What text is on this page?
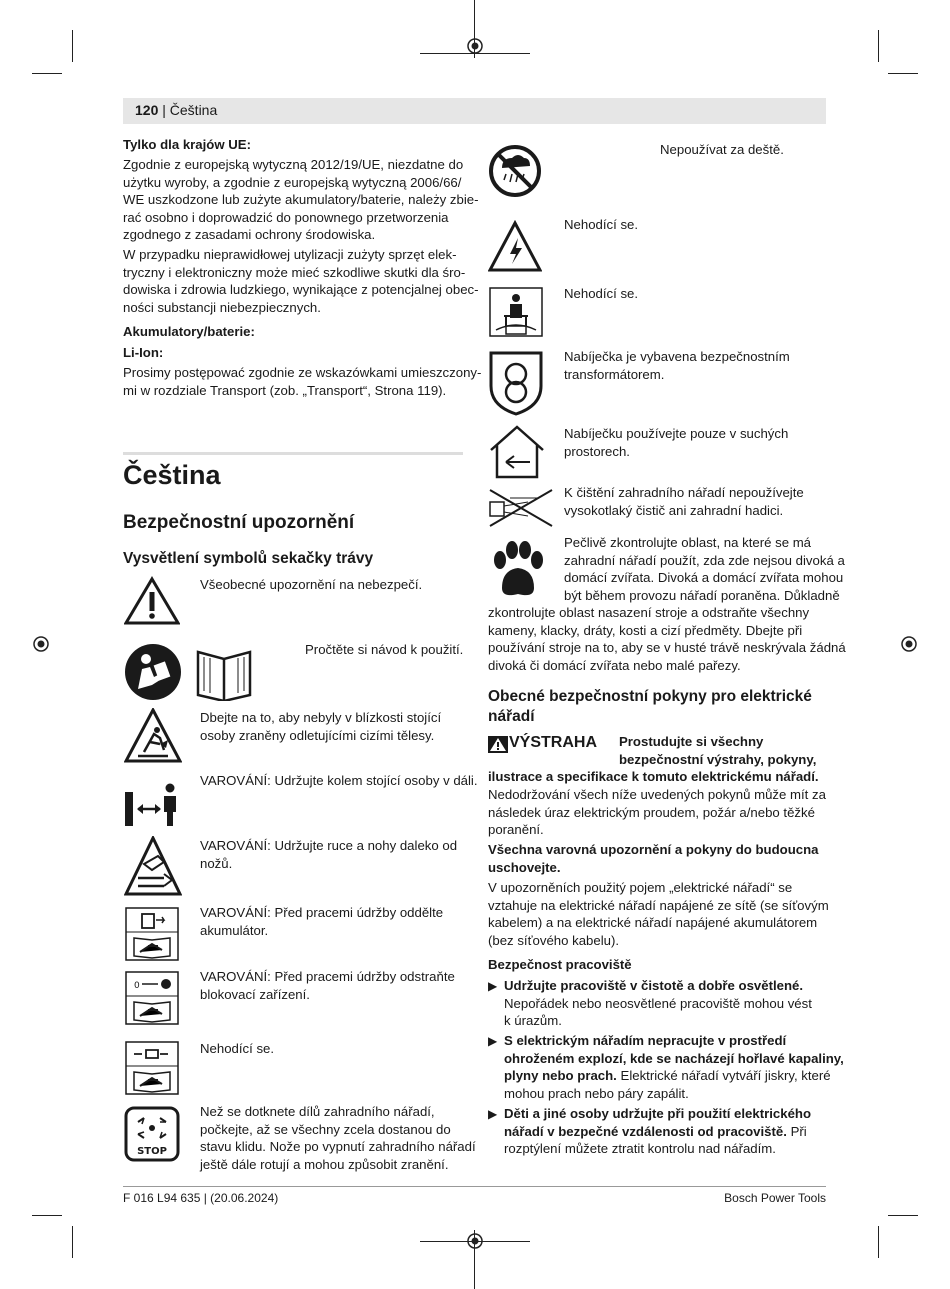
120 | Čeština
Tylko dla krajów UE:

Zgodnie z europejską wytyczną 2012/19/UE, niezdatne do

użytku wyroby, a zgodnie z europejską wytyczną 2006/66/

WE uszkodzone lub zużyte akumulatory/baterie, należy zbie-

rać osobno i doprowadzić do ponownego przetworzenia

zgodnego z zasadami ochrony środowiska.

W przypadku nieprawidłowej utylizacji zużyty sprzęt elek-

tryczny i elektroniczny może mieć szkodliwe skutki dla śro-

dowiska i zdrowia ludzkiego, wynikające z potencjalnej obec-

ności substancji niebezpiecznych.

Akumulatory/baterie:
Li-Ion:

Prosimy postępować zgodnie ze wskazówkami umieszczony-

mi w rozdziale Transport (zob. „Transport“, Strona 119).

Čeština
Bezpečnostní upozornění
Vysvětlení symbolů sekačky trávy
Všeobecné upozornění na nebezpečí.
Pročtěte si návod k použití.
Dbejte na to, aby nebyly v blízkosti stojící
osoby zraněny odletujícími cizími tělesy.
VAROVÁNÍ: Udržujte kolem stojící osoby v dáli.
VAROVÁNÍ: Udržujte ruce a nohy daleko od
nožů.
VAROVÁNÍ: Před pracemi údržby oddělte
akumulátor.
VAROVÁNÍ: Před pracemi údržby odstraňte
blokovací zařízení.
Nehodící se.
Než se dotknete dílů zahradního nářadí,
počkejte, až se všechny zcela dostanou do
stavu klidu. Nože po vypnutí zahradního nářadí
ještě dále rotují a mohou způsobit zranění.
0
STOP
Nepoužívat za deště.
Nehodící se.
Nehodící se.
Nabíječka je vybavena bezpečnostním
transformátorem.
Nabíječku používejte pouze v suchých
prostorech.
K čištění zahradního nářadí nepoužívejte
vysokotlaký čistič ani zahradní hadici.
Pečlivě zkontrolujte oblast, na které se má
zahradní nářadí použít, zda zde nejsou divoká a
domácí zvířata. Divoká a domácí zvířata mohou
být během provozu nářadí poraněna. Důkladně
zkontrolujte oblast nasazení stroje a odstraňte všechny
kameny, klacky, dráty, kosti a cizí předměty. Dbejte při
používání stroje na to, aby se v husté trávě neskrývala žádná
divoká či domácí zvířata nebo malé pařezy.
Obecné bezpečnostní pokyny pro elektrické
nářadí
VÝSTRAHA Prostudujte si všechny
bezpečnostní výstrahy, pokyny,
ilustrace a specifikace k tomuto elektrickému nářadí.

Nedodržování všech níže uvedených pokynů může mít za

následek úraz elektrickým proudem, požár a/nebo těžké

poranění.

Všechna varovná upozornění a pokyny do budoucna
uschovejte.

V upozorněních použitý pojem „elektrické nářadí“ se

vztahuje na elektrické nářadí napájené ze sítě (se síťovým

kabelem) a na elektrické nářadí napájené akumulátorem

(bez síťového kabelu).

Bezpečnost pracoviště
▶ Udržujte pracoviště v čistotě a dobře osvětlené.
Nepořádek nebo neosvětlené pracoviště mohou vést
k úrazům.
▶ S elektrickým nářadím nepracujte v prostředí
ohroženém explozí, kde se nacházejí hořlavé kapaliny,
plyny nebo prach. Elektrické nářadí vytváří jiskry, které
mohou prach nebo páry zapálit.
▶ Děti a jiné osoby udržujte při použití elektrického
nářadí v bezpečné vzdálenosti od pracoviště. Při
rozptýlení můžete ztratit kontrolu nad nářadím.
F 016 L94 635 | (20.06.2024)	Bosch Power Tools
